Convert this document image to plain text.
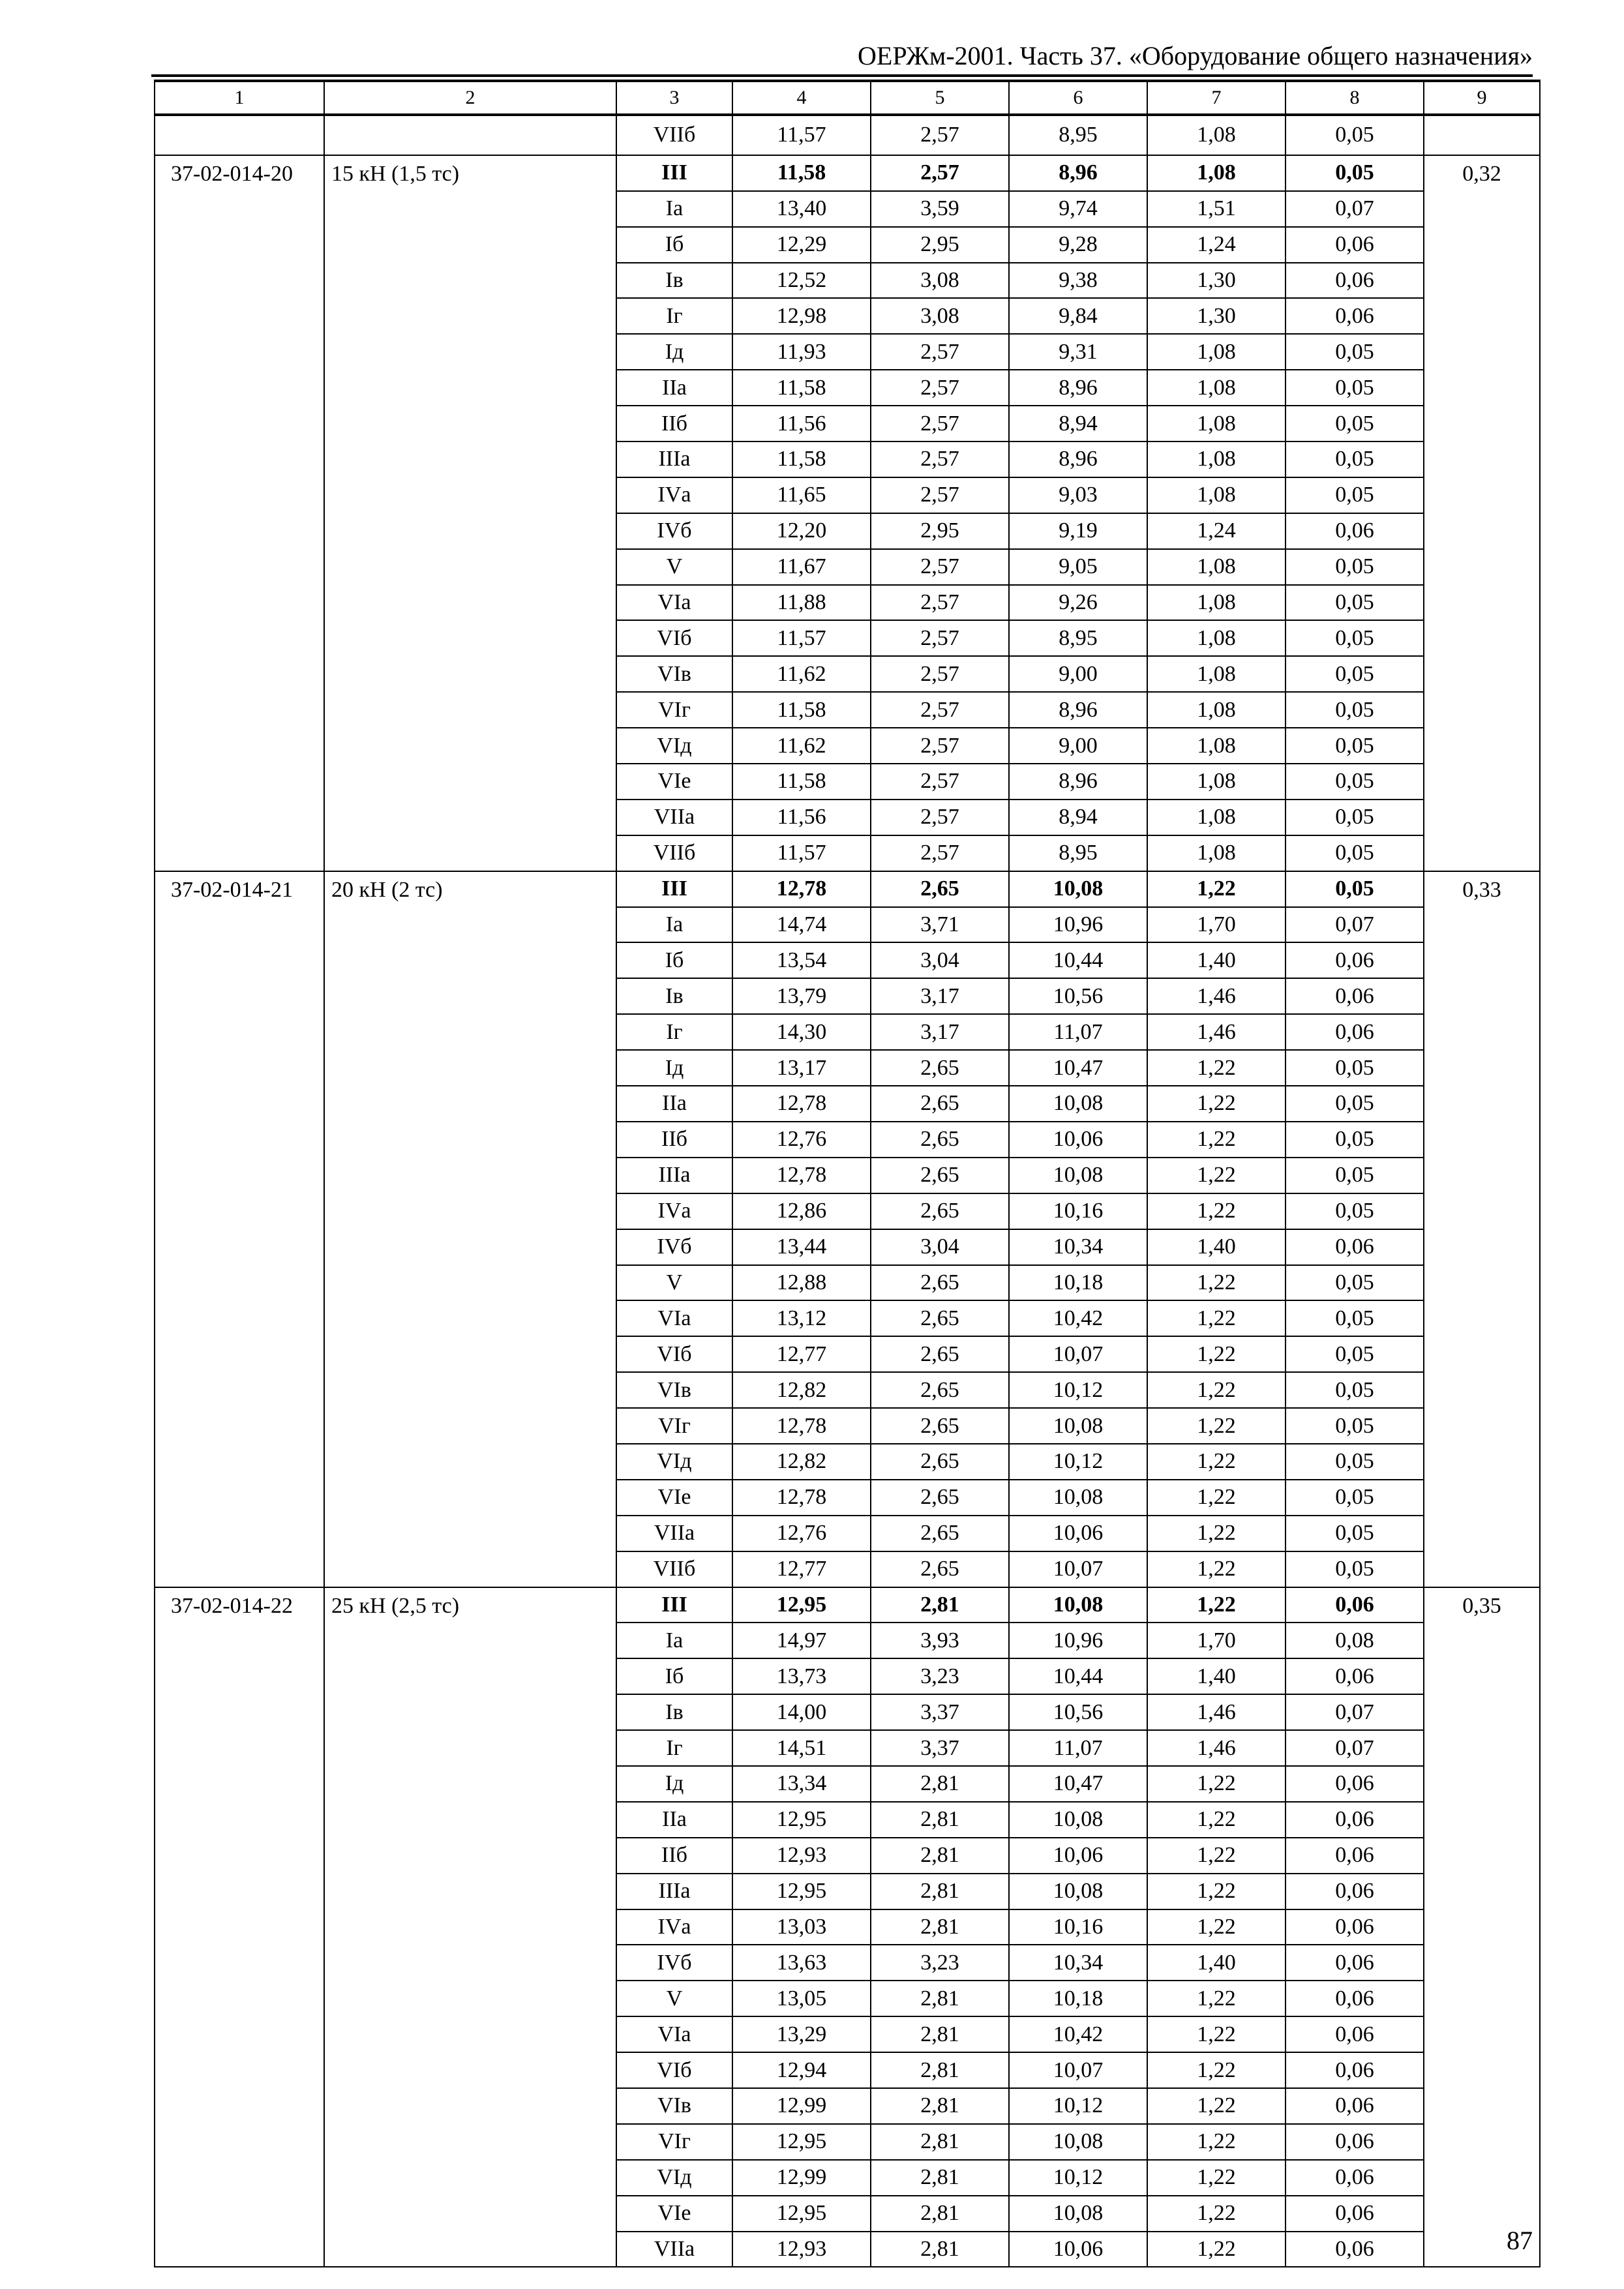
ОЕРЖм-2001. Часть 37. «Оборудование общего назначения»
1	2	3	4	5	6	7	8	9
		VIIб	11,57	2,57	8,95	1,08	0,05	
37-02-014-20	15 кН (1,5 тс)	III	11,58	2,57	8,96	1,08	0,05	0,32
		Iа	13,40	3,59	9,74	1,51	0,07	
		Iб	12,29	2,95	9,28	1,24	0,06	
		Iв	12,52	3,08	9,38	1,30	0,06	
		Iг	12,98	3,08	9,84	1,30	0,06	
		Iд	11,93	2,57	9,31	1,08	0,05	
		IIа	11,58	2,57	8,96	1,08	0,05	
		IIб	11,56	2,57	8,94	1,08	0,05	
		IIIа	11,58	2,57	8,96	1,08	0,05	
		IVа	11,65	2,57	9,03	1,08	0,05	
		IVб	12,20	2,95	9,19	1,24	0,06	
		V	11,67	2,57	9,05	1,08	0,05	
		VIа	11,88	2,57	9,26	1,08	0,05	
		VIб	11,57	2,57	8,95	1,08	0,05	
		VIв	11,62	2,57	9,00	1,08	0,05	
		VIг	11,58	2,57	8,96	1,08	0,05	
		VIд	11,62	2,57	9,00	1,08	0,05	
		VIе	11,58	2,57	8,96	1,08	0,05	
		VIIа	11,56	2,57	8,94	1,08	0,05	
		VIIб	11,57	2,57	8,95	1,08	0,05	
37-02-014-21	20 кН (2 тс)	III	12,78	2,65	10,08	1,22	0,05	0,33
		Iа	14,74	3,71	10,96	1,70	0,07	
		Iб	13,54	3,04	10,44	1,40	0,06	
		Iв	13,79	3,17	10,56	1,46	0,06	
		Iг	14,30	3,17	11,07	1,46	0,06	
		Iд	13,17	2,65	10,47	1,22	0,05	
		IIа	12,78	2,65	10,08	1,22	0,05	
		IIб	12,76	2,65	10,06	1,22	0,05	
		IIIа	12,78	2,65	10,08	1,22	0,05	
		IVа	12,86	2,65	10,16	1,22	0,05	
		IVб	13,44	3,04	10,34	1,40	0,06	
		V	12,88	2,65	10,18	1,22	0,05	
		VIа	13,12	2,65	10,42	1,22	0,05	
		VIб	12,77	2,65	10,07	1,22	0,05	
		VIв	12,82	2,65	10,12	1,22	0,05	
		VIг	12,78	2,65	10,08	1,22	0,05	
		VIд	12,82	2,65	10,12	1,22	0,05	
		VIе	12,78	2,65	10,08	1,22	0,05	
		VIIа	12,76	2,65	10,06	1,22	0,05	
		VIIб	12,77	2,65	10,07	1,22	0,05	
37-02-014-22	25 кН (2,5 тс)	III	12,95	2,81	10,08	1,22	0,06	0,35
		Iа	14,97	3,93	10,96	1,70	0,08	
		Iб	13,73	3,23	10,44	1,40	0,06	
		Iв	14,00	3,37	10,56	1,46	0,07	
		Iг	14,51	3,37	11,07	1,46	0,07	
		Iд	13,34	2,81	10,47	1,22	0,06	
		IIа	12,95	2,81	10,08	1,22	0,06	
		IIб	12,93	2,81	10,06	1,22	0,06	
		IIIа	12,95	2,81	10,08	1,22	0,06	
		IVа	13,03	2,81	10,16	1,22	0,06	
		IVб	13,63	3,23	10,34	1,40	0,06	
		V	13,05	2,81	10,18	1,22	0,06	
		VIа	13,29	2,81	10,42	1,22	0,06	
		VIб	12,94	2,81	10,07	1,22	0,06	
		VIв	12,99	2,81	10,12	1,22	0,06	
		VIг	12,95	2,81	10,08	1,22	0,06	
		VIд	12,99	2,81	10,12	1,22	0,06	
		VIе	12,95	2,81	10,08	1,22	0,06	
		VIIа	12,93	2,81	10,06	1,22	0,06		87
